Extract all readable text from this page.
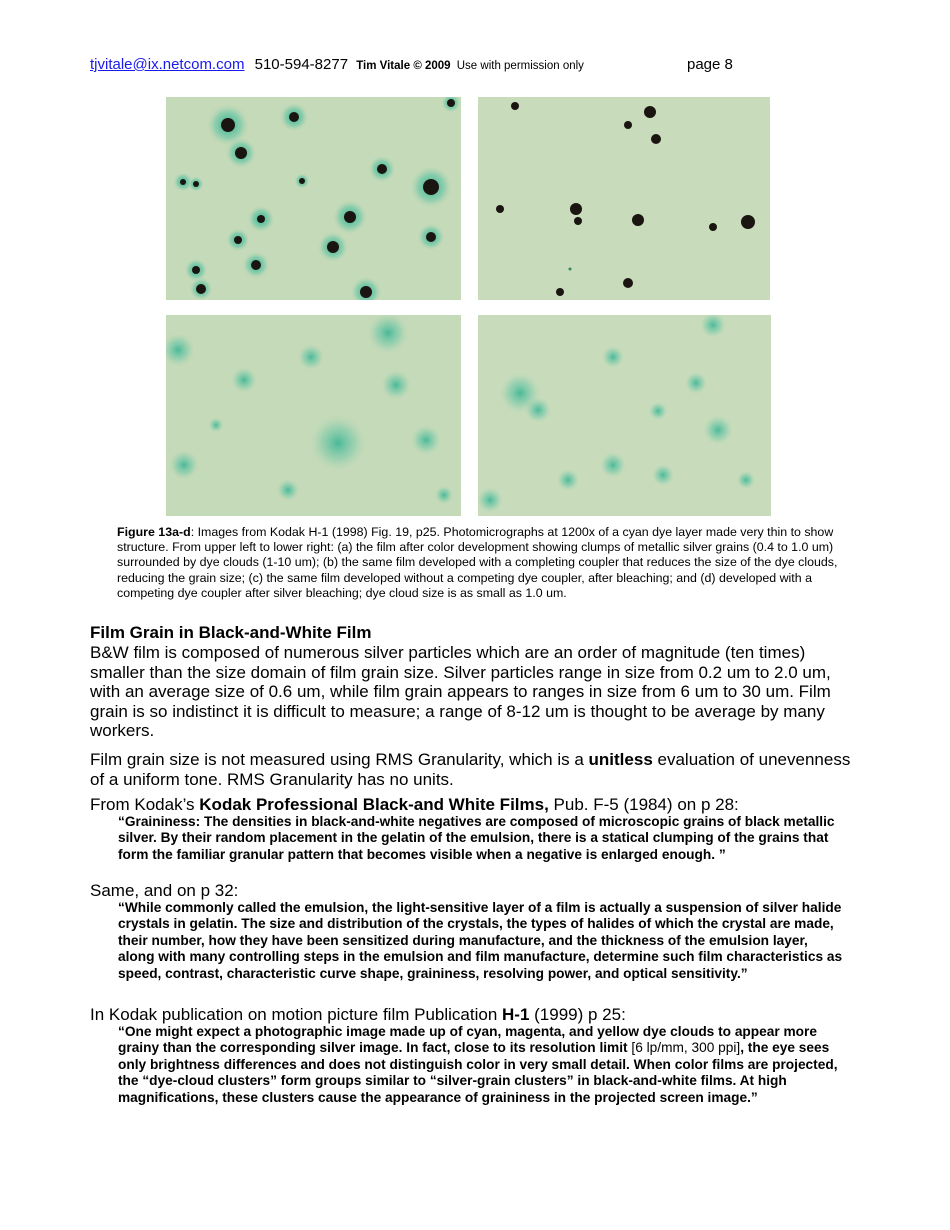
tjvitale@ix.netcom.com 510-594-8277 Tim Vitale © 2009 Use with permission only	page 8
Figure 13a-d: Images from Kodak H-1 (1998) Fig. 19, p25. Photomicrographs at 1200x of a cyan dye layer made very thin to show structure. From upper left to lower right: (a) the film after color development showing clumps of metallic silver grains (0.4 to 1.0 um) surrounded by dye clouds (1-10 um); (b) the same film developed with a completing coupler that reduces the size of the dye clouds, reducing the grain size; (c) the same film developed without a competing dye coupler, after bleaching; and (d) developed with a competing dye coupler after silver bleaching; dye cloud size is as small as 1.0 um.
Film Grain in Black-and-White Film
B&W film is composed of numerous silver particles which are an order of magnitude (ten times) smaller than the size domain of film grain size. Silver particles range in size from 0.2 um to 2.0 um, with an average size of 0.6 um, while film grain appears to ranges in size from 6 um to 30 um. Film grain is so indistinct it is difficult to measure; a range of 8-12 um is thought to be average by many workers.
Film grain size is not measured using RMS Granularity, which is a unitless evaluation of unevenness of a uniform tone. RMS Granularity has no units.
From Kodak’s Kodak Professional Black-and White Films, Pub. F-5 (1984) on p 28:
“Graininess: The densities in black-and-white negatives are composed of microscopic grains of black metallic silver. By their random placement in the gelatin of the emulsion, there is a statical clumping of the grains that form the familiar granular pattern that becomes visible when a negative is enlarged enough. ”
Same, and on p 32:
“While commonly called the emulsion, the light-sensitive layer of a film is actually a suspension of silver halide crystals in gelatin. The size and distribution of the crystals, the types of halides of which the crystal are made, their number, how they have been sensitized during manufacture, and the thickness of the emulsion layer, along with many controlling steps in the emulsion and film manufacture, determine such film characteristics as speed, contrast, characteristic curve shape, graininess, resolving power, and optical sensitivity.”
In Kodak publication on motion picture film Publication H-1 (1999) p 25:
“One might expect a photographic image made up of cyan, magenta, and yellow dye clouds to appear more grainy than the corresponding silver image. In fact, close to its resolution limit [6 lp/mm, 300 ppi], the eye sees only brightness differences and does not distinguish color in very small detail. When color films are projected, the “dye-cloud clusters” form groups similar to “silver-grain clusters” in black-and-white films. At high magnifications, these clusters cause the appearance of graininess in the projected screen image.”
